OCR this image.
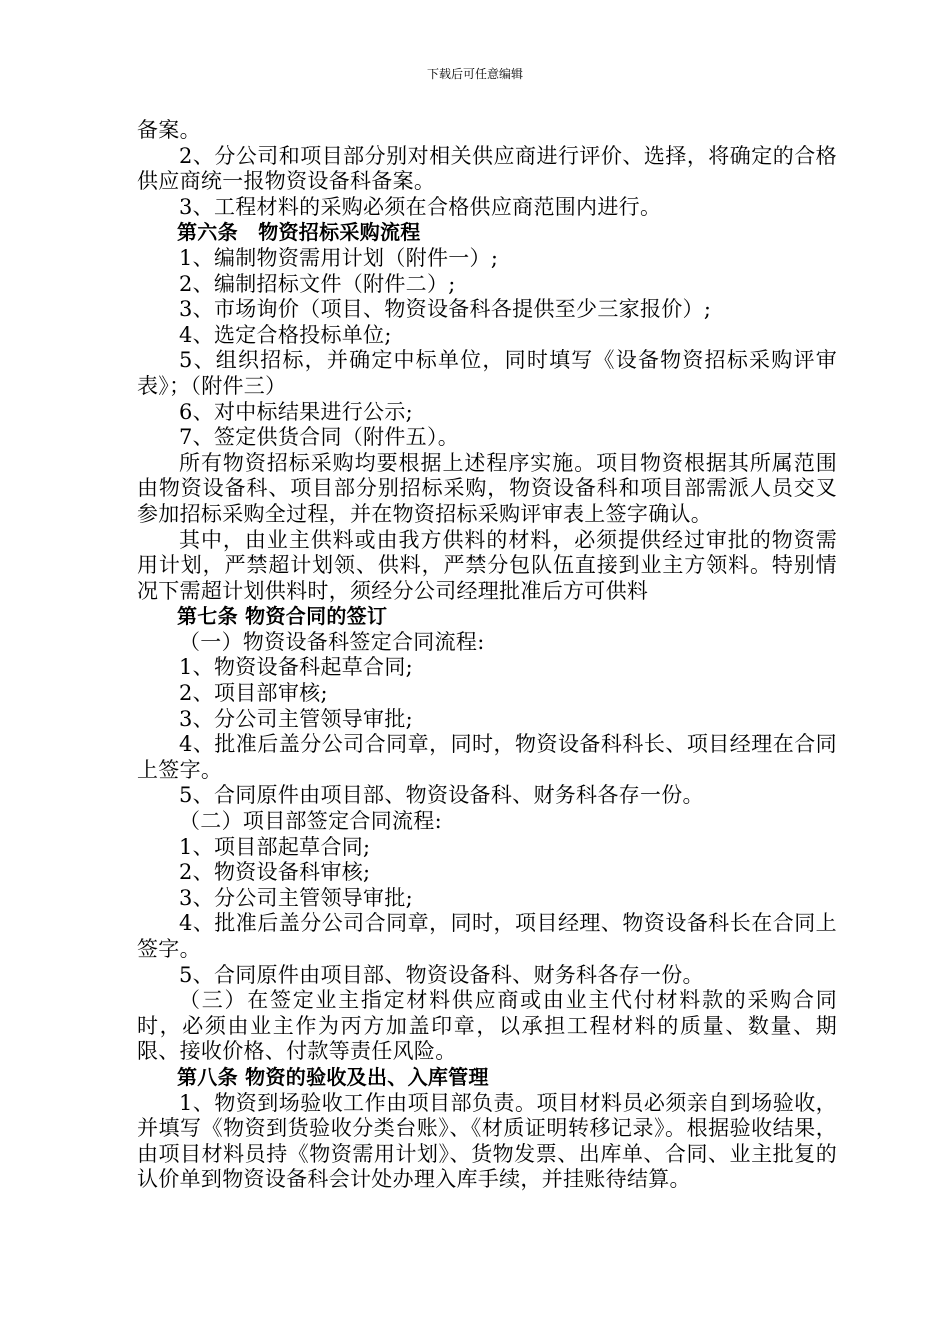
下载后可任意编辑

备案。

2、分公司和项目部分别对相关供应商进行评价、选择，将确定的合格供应商统一报物资设备科备案。

3、工程材料的采购必须在合格供应商范围内进行。

第六条　物资招标采购流程

1、编制物资需用计划（附件一）;

2、编制招标文件（附件二）;

3、市场询价（项目、物资设备科各提供至少三家报价）;

4、选定合格投标单位;

5、组织招标，并确定中标单位，同时填写《设备物资招标采购评审表》；（附件三）

6、对中标结果进行公示;

7、签定供货合同（附件五）。

所有物资招标采购均要根据上述程序实施。项目物资根据其所属范围由物资设备科、项目部分别招标采购，物资设备科和项目部需派人员交叉参加招标采购全过程，并在物资招标采购评审表上签字确认。

其中，由业主供料或由我方供料的材料，必须提供经过审批的物资需用计划，严禁超计划领、供料，严禁分包队伍直接到业主方领料。特别情况下需超计划供料时，须经分公司经理批准后方可供料

第七条 物资合同的签订

（一）物资设备科签定合同流程:

1、物资设备科起草合同;

2、项目部审核;

3、分公司主管领导审批;

4、批准后盖分公司合同章，同时，物资设备科科长、项目经理在合同上签字。

5、合同原件由项目部、物资设备科、财务科各存一份。

（二）项目部签定合同流程:

1、项目部起草合同;

2、物资设备科审核;

3、分公司主管领导审批;

4、批准后盖分公司合同章，同时，项目经理、物资设备科长在合同上签字。

5、合同原件由项目部、物资设备科、财务科各存一份。

（三）在签定业主指定材料供应商或由业主代付材料款的采购合同时，必须由业主作为丙方加盖印章，以承担工程材料的质量、数量、期限、接收价格、付款等责任风险。

第八条 物资的验收及出、入库管理

1、物资到场验收工作由项目部负责。项目材料员必须亲自到场验收，并填写《物资到货验收分类台账》、《材质证明转移记录》。根据验收结果，由项目材料员持《物资需用计划》、货物发票、出库单、合同、业主批复的认价单到物资设备科会计处办理入库手续，并挂账待结算。
